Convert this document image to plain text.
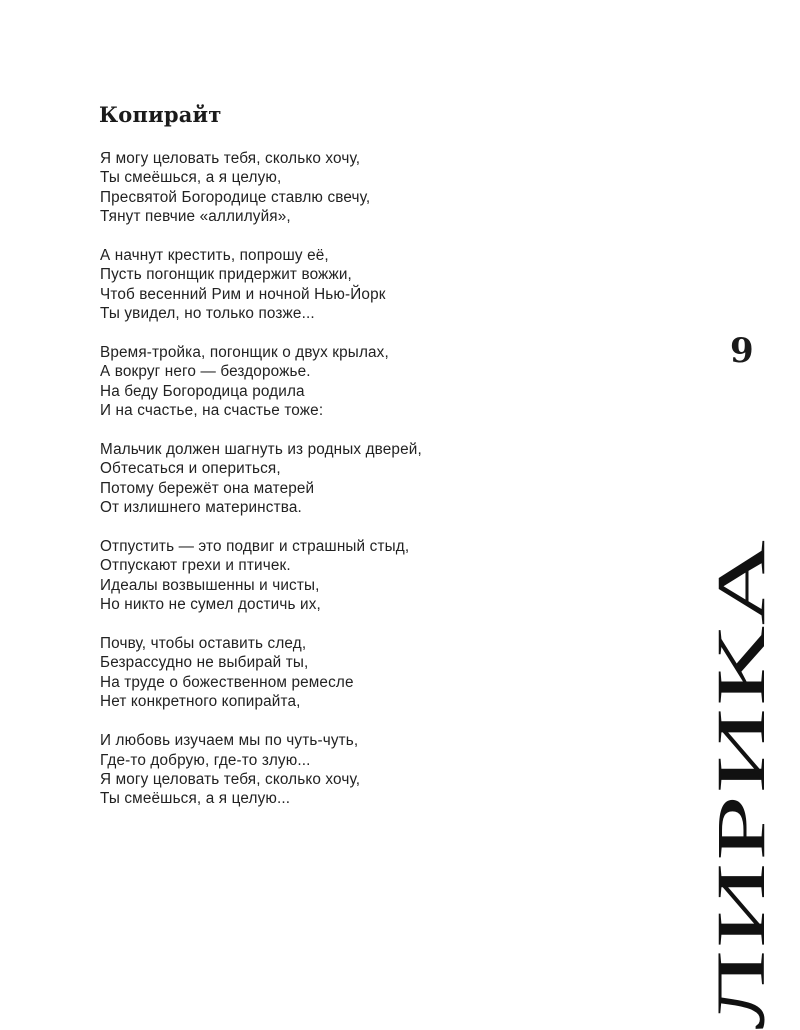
Копирайт
Я могу целовать тебя, сколько хочу,
Ты смеёшься, а я целую,
Пресвятой Богородице ставлю свечу,
Тянут певчие «аллилуйя»,
А начнут крестить, попрошу её,
Пусть погонщик придержит вожжи,
Чтоб весенний Рим и ночной Нью-Йорк
Ты увидел, но только позже...
Время-тройка, погонщик о двух крылах,
А вокруг него — бездорожье.
На беду Богородица родила
И на счастье, на счастье тоже:
Мальчик должен шагнуть из родных дверей,
Обтесаться и опериться,
Потому бережёт она матерей
От излишнего материнства.
Отпустить — это подвиг и страшный стыд,
Отпускают грехи и птичек.
Идеалы возвышенны и чисты,
Но никто не сумел достичь их,
Почву, чтобы оставить след,
Безрассудно не выбирай ты,
На труде о божественном ремесле
Нет конкретного копирайта,
И любовь изучаем мы по чуть-чуть,
Где-то добрую, где-то злую...
Я могу целовать тебя, сколько хочу,
Ты смеёшься, а я целую...
9
ЛИРИКА
